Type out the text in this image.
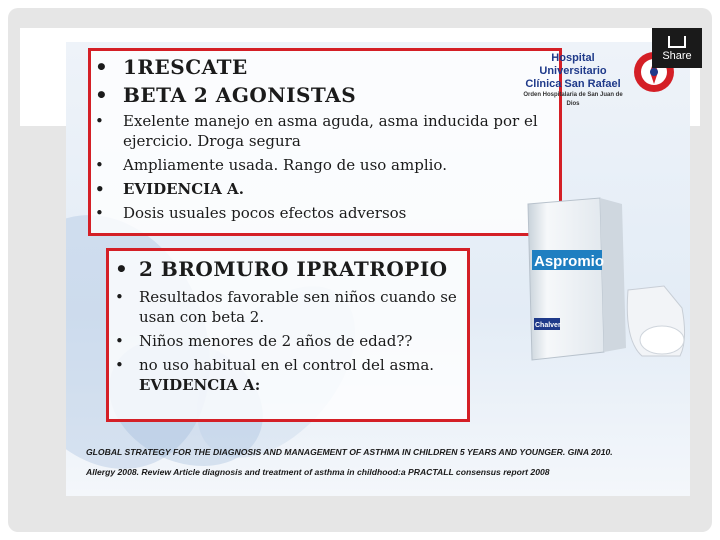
• 1RESCATE
• BETA 2 AGONISTAS
• Exelente manejo en asma aguda, asma inducida por el ejercicio. Droga segura
• Ampliamente usada. Rango de uso amplio.
• EVIDENCIA A.
• Dosis usuales pocos efectos adversos
Hospital Universitario
Clínica San Rafael
Orden Hospitalaria de San Juan de Dios
Aspromio
Chalver
• 2 BROMURO IPRATROPIO
• Resultados favorable sen niños cuando se usan con beta 2.
• Niños menores de 2 años de edad??
• no uso habitual en el control del asma.
EVIDENCIA A:

GLOBAL STRATEGY FOR THE DIAGNOSIS AND MANAGEMENT OF ASTHMA IN CHILDREN 5 YEARS AND YOUNGER. GINA 2010.

Allergy 2008. Review Article diagnosis and treatment of asthma in childhood:a PRACTALL consensus report 2008

Share
